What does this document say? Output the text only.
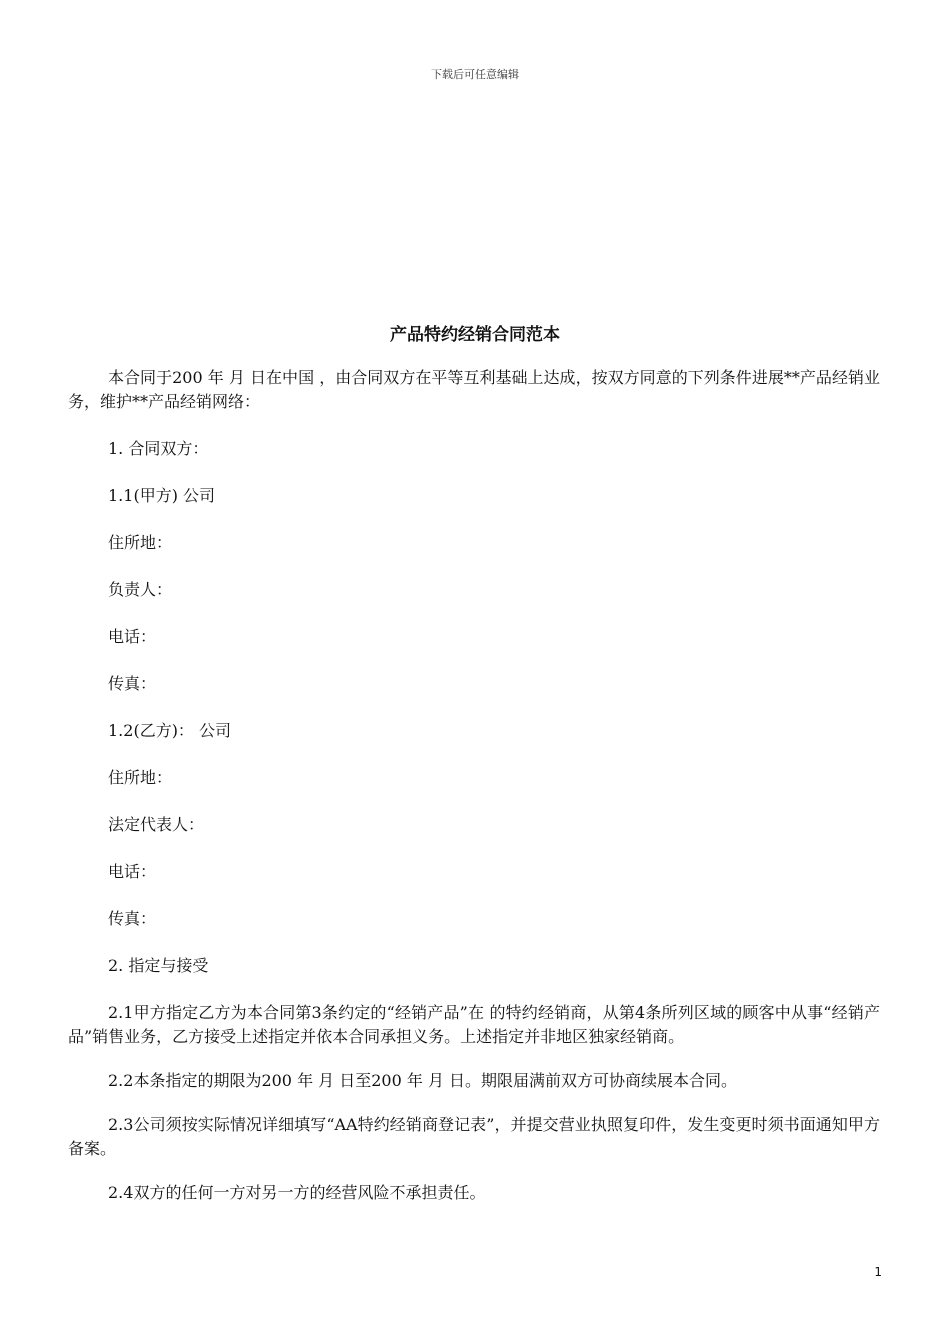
下载后可任意编辑
产品特约经销合同范本

本合同于200 年 月 日在中国 ，由合同双方在平等互利基础上达成，按双方同意的下列条件进展**产品经销业务，维护**产品经销网络：

1. 合同双方：

1.1(甲方) 公司

住所地：

负责人：

电话：

传真：

1.2(乙方)： 公司

住所地：

法定代表人：

电话：

传真：

2. 指定与接受

2.1甲方指定乙方为本合同第3条约定的“经销产品”在 的特约经销商，从第4条所列区域的顾客中从事“经销产品”销售业务，乙方接受上述指定并依本合同承担义务。上述指定并非地区独家经销商。

2.2本条指定的期限为200 年 月 日至200 年 月 日。期限届满前双方可协商续展本合同。

2.3公司须按实际情况详细填写“AA特约经销商登记表”，并提交营业执照复印件，发生变更时须书面通知甲方备案。

2.4双方的任何一方对另一方的经营风险不承担责任。

1
